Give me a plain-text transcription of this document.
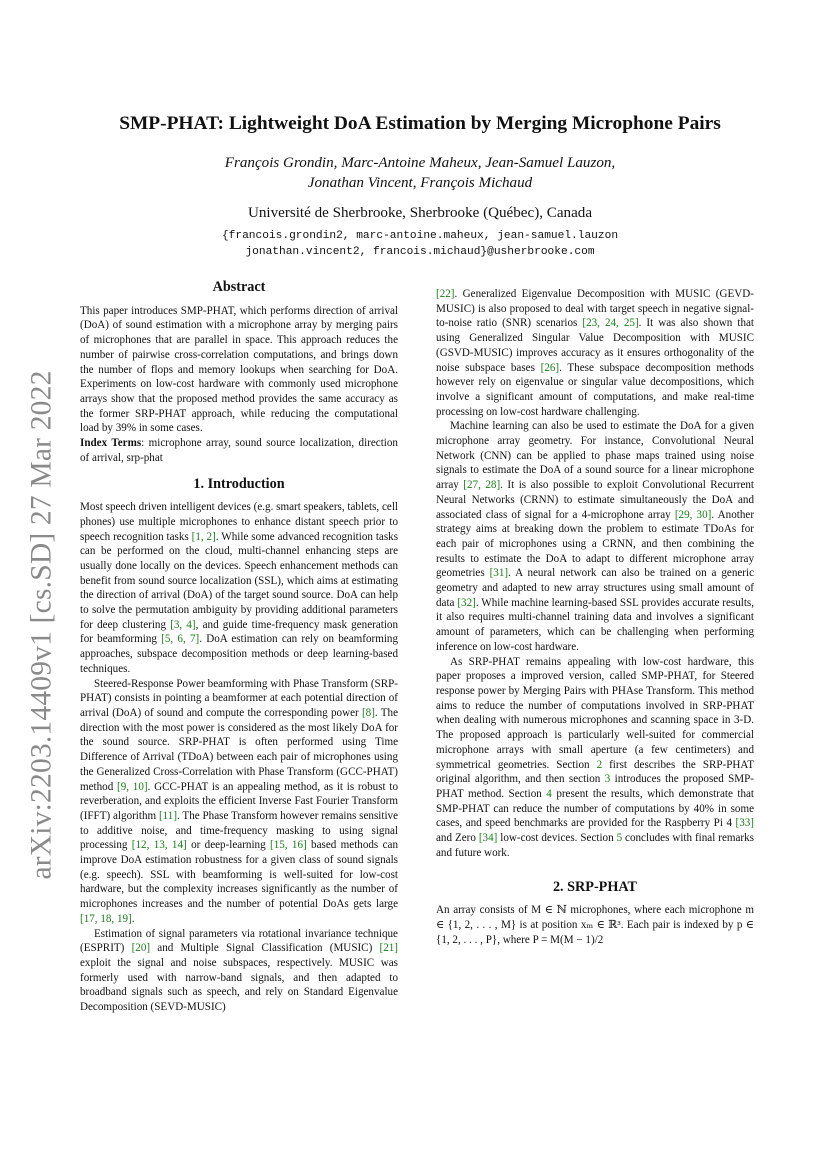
arXiv:2203.14409v1 [cs.SD] 27 Mar 2022
SMP-PHAT: Lightweight DoA Estimation by Merging Microphone Pairs
François Grondin, Marc-Antoine Maheux, Jean-Samuel Lauzon,
Jonathan Vincent, François Michaud
Université de Sherbrooke, Sherbrooke (Québec), Canada
{francois.grondin2, marc-antoine.maheux, jean-samuel.lauzon
jonathan.vincent2, francois.michaud}@usherbrooke.com
Abstract

This paper introduces SMP-PHAT, which performs direction of arrival (DoA) of sound estimation with a microphone array by merging pairs of microphones that are parallel in space. This approach reduces the number of pairwise cross-correlation computations, and brings down the number of flops and memory lookups when searching for DoA. Experiments on low-cost hardware with commonly used microphone arrays show that the proposed method provides the same accuracy as the former SRP-PHAT approach, while reducing the computational load by 39% in some cases.

Index Terms: microphone array, sound source localization, direction of arrival, srp-phat

1. Introduction

Most speech driven intelligent devices (e.g. smart speakers, tablets, cell phones) use multiple microphones to enhance distant speech prior to speech recognition tasks [1, 2]. While some advanced recognition tasks can be performed on the cloud, multi-channel enhancing steps are usually done locally on the devices. Speech enhancement methods can benefit from sound source localization (SSL), which aims at estimating the direction of arrival (DoA) of the target sound source. DoA can help to solve the permutation ambiguity by providing additional parameters for deep clustering [3, 4], and guide time-frequency mask generation for beamforming [5, 6, 7]. DoA estimation can rely on beamforming approaches, subspace decomposition methods or deep learning-based techniques.

Steered-Response Power beamforming with Phase Transform (SRP-PHAT) consists in pointing a beamformer at each potential direction of arrival (DoA) of sound and compute the corresponding power [8]. The direction with the most power is considered as the most likely DoA for the sound source. SRP-PHAT is often performed using Time Difference of Arrival (TDoA) between each pair of microphones using the Generalized Cross-Correlation with Phase Transform (GCC-PHAT) method [9, 10]. GCC-PHAT is an appealing method, as it is robust to reverberation, and exploits the efficient Inverse Fast Fourier Transform (IFFT) algorithm [11]. The Phase Transform however remains sensitive to additive noise, and time-frequency masking to using signal processing [12, 13, 14] or deep-learning [15, 16] based methods can improve DoA estimation robustness for a given class of sound signals (e.g. speech). SSL with beamforming is well-suited for low-cost hardware, but the complexity increases significantly as the number of microphones increases and the number of potential DoAs gets large [17, 18, 19].

Estimation of signal parameters via rotational invariance technique (ESPRIT) [20] and Multiple Signal Classification (MUSIC) [21] exploit the signal and noise subspaces, respectively. MUSIC was formerly used with narrow-band signals, and then adapted to broadband signals such as speech, and rely on Standard Eigenvalue Decomposition (SEVD-MUSIC)

[22]. Generalized Eigenvalue Decomposition with MUSIC (GEVD-MUSIC) is also proposed to deal with target speech in negative signal-to-noise ratio (SNR) scenarios [23, 24, 25]. It was also shown that using Generalized Singular Value Decomposition with MUSIC (GSVD-MUSIC) improves accuracy as it ensures orthogonality of the noise subspace bases [26]. These subspace decomposition methods however rely on eigenvalue or singular value decompositions, which involve a significant amount of computations, and make real-time processing on low-cost hardware challenging.

Machine learning can also be used to estimate the DoA for a given microphone array geometry. For instance, Convolutional Neural Network (CNN) can be applied to phase maps trained using noise signals to estimate the DoA of a sound source for a linear microphone array [27, 28]. It is also possible to exploit Convolutional Recurrent Neural Networks (CRNN) to estimate simultaneously the DoA and associated class of signal for a 4-microphone array [29, 30]. Another strategy aims at breaking down the problem to estimate TDoAs for each pair of microphones using a CRNN, and then combining the results to estimate the DoA to adapt to different microphone array geometries [31]. A neural network can also be trained on a generic geometry and adapted to new array structures using small amount of data [32]. While machine learning-based SSL provides accurate results, it also requires multi-channel training data and involves a significant amount of parameters, which can be challenging when performing inference on low-cost hardware.

As SRP-PHAT remains appealing with low-cost hardware, this paper proposes a improved version, called SMP-PHAT, for Steered response power by Merging Pairs with PHAse Transform. This method aims to reduce the number of computations involved in SRP-PHAT when dealing with numerous microphones and scanning space in 3-D. The proposed approach is particularly well-suited for commercial microphone arrays with small aperture (a few centimeters) and symmetrical geometries. Section 2 first describes the SRP-PHAT original algorithm, and then section 3 introduces the proposed SMP-PHAT method. Section 4 present the results, which demonstrate that SMP-PHAT can reduce the number of computations by 40% in some cases, and speed benchmarks are provided for the Raspberry Pi 4 [33] and Zero [34] low-cost devices. Section 5 concludes with final remarks and future work.

2. SRP-PHAT

An array consists of M ∈ ℕ microphones, where each microphone m ∈ {1, 2, . . . , M} is at position xₘ ∈ ℝ³. Each pair is indexed by p ∈ {1, 2, . . . , P}, where P = M(M − 1)/2
